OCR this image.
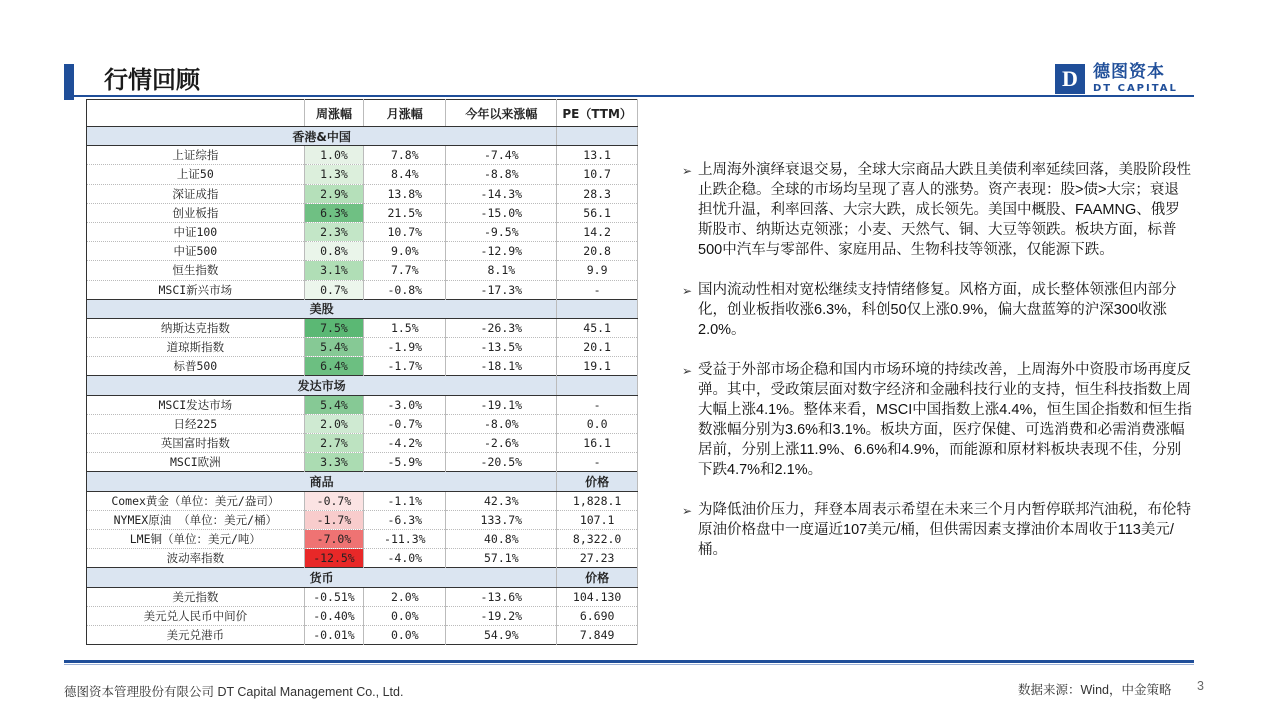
行情回顾	D 德图资本
DT CAPITAL
	周涨幅	月涨幅	今年以来涨幅	PE（TTM）
香港&中国				
上证综指	1.0%	7.8%	-7.4%	13.1
上证50	1.3%	8.4%	-8.8%	10.7
深证成指	2.9%	13.8%	-14.3%	28.3
创业板指	6.3%	21.5%	-15.0%	56.1
中证100	2.3%	10.7%	-9.5%	14.2
中证500	0.8%	9.0%	-12.9%	20.8
恒生指数	3.1%	7.7%	8.1%	9.9
MSCI新兴市场	0.7%	-0.8%	-17.3%	-
美股				
纳斯达克指数	7.5%	1.5%	-26.3%	45.1
道琼斯指数	5.4%	-1.9%	-13.5%	20.1
标普500	6.4%	-1.7%	-18.1%	19.1
发达市场				
MSCI发达市场	5.4%	-3.0%	-19.1%	-
日经225	2.0%	-0.7%	-8.0%	0.0
英国富时指数	2.7%	-4.2%	-2.6%	16.1
MSCI欧洲	3.3%	-5.9%	-20.5%	-
商品				价格
Comex黄金（单位：美元/盎司）	-0.7%	-1.1%	42.3%	1,828.1
NYMEX原油 （单位：美元/桶）	-1.7%	-6.3%	133.7%	107.1
LME铜（单位：美元/吨）	-7.0%	-11.3%	40.8%	8,322.0
波动率指数	-12.5%	-4.0%	57.1%	27.23
货币				价格
美元指数	-0.51%	2.0%	-13.6%	104.130
美元兑人民币中间价	-0.40%	0.0%	-19.2%	6.690
美元兑港币	-0.01%	0.0%	54.9%	7.849
➢ 上周海外演绎衰退交易，全球大宗商品大跌且美债利率延续回落，美股阶段性止跌企稳。全球的市场均呈现了喜人的涨势。资产表现：股>债>大宗；衰退担忧升温，利率回落、大宗大跌，成长领先。美国中概股、FAAMNG、俄罗斯股市、纳斯达克领涨；小麦、天然气、铜、大豆等领跌。板块方面，标普500中汽车与零部件、家庭用品、生物科技等领涨，仅能源下跌。
➢ 国内流动性相对宽松继续支持情绪修复。风格方面，成长整体领涨但内部分化，创业板指收涨6.3%，科创50仅上涨0.9%，偏大盘蓝筹的沪深300收涨2.0%。
➢ 受益于外部市场企稳和国内市场环境的持续改善，上周海外中资股市场再度反弹。其中，受政策层面对数字经济和金融科技行业的支持，恒生科技指数上周大幅上涨4.1%。整体来看，MSCI中国指数上涨4.4%，恒生国企指数和恒生指数涨幅分别为3.6%和3.1%。板块方面，医疗保健、可选消费和必需消费涨幅居前，分别上涨11.9%、6.6%和4.9%，而能源和原材料板块表现不佳，分别下跌4.7%和2.1%。
➢ 为降低油价压力，拜登本周表示希望在未来三个月内暂停联邦汽油税，布伦特原油价格盘中一度逼近107美元/桶，但供需因素支撑油价本周收于113美元/桶。
德图资本管理股份有限公司 DT Capital Management Co., Ltd.	数据来源：Wind，中金策略 3
